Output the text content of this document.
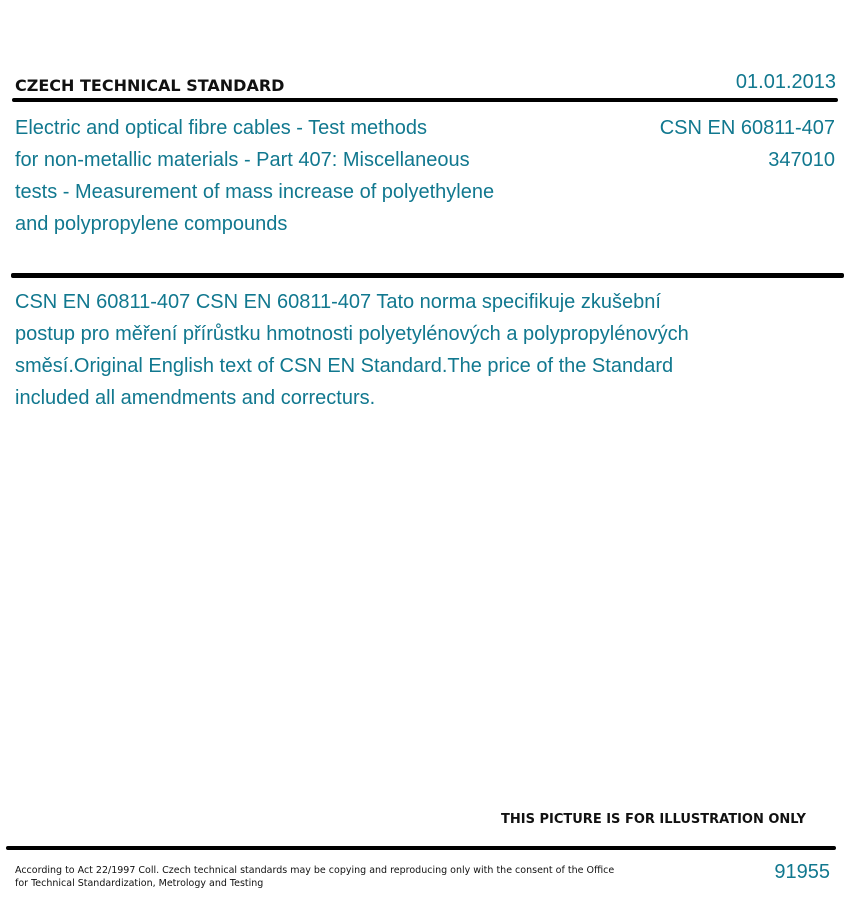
CZECH TECHNICAL STANDARD	01.01.2013
Electric and optical fibre cables - Test methods
for non-metallic materials - Part 407: Miscellaneous
tests - Measurement of mass increase of polyethylene
and polypropylene compounds
CSN EN 60811-407
347010
CSN EN 60811-407 CSN EN 60811-407 Tato norma specifikuje zkušební
postup pro měření přírůstku hmotnosti polyetylénových a polypropylénových
směsí.Original English text of CSN EN Standard.The price of the Standard
included all amendments and correcturs.
THIS PICTURE IS FOR ILLUSTRATION ONLY
According to Act 22/1997 Coll. Czech technical standards may be copying and reproducing only with the consent of the Office
for Technical Standardization, Metrology and Testing
91955
